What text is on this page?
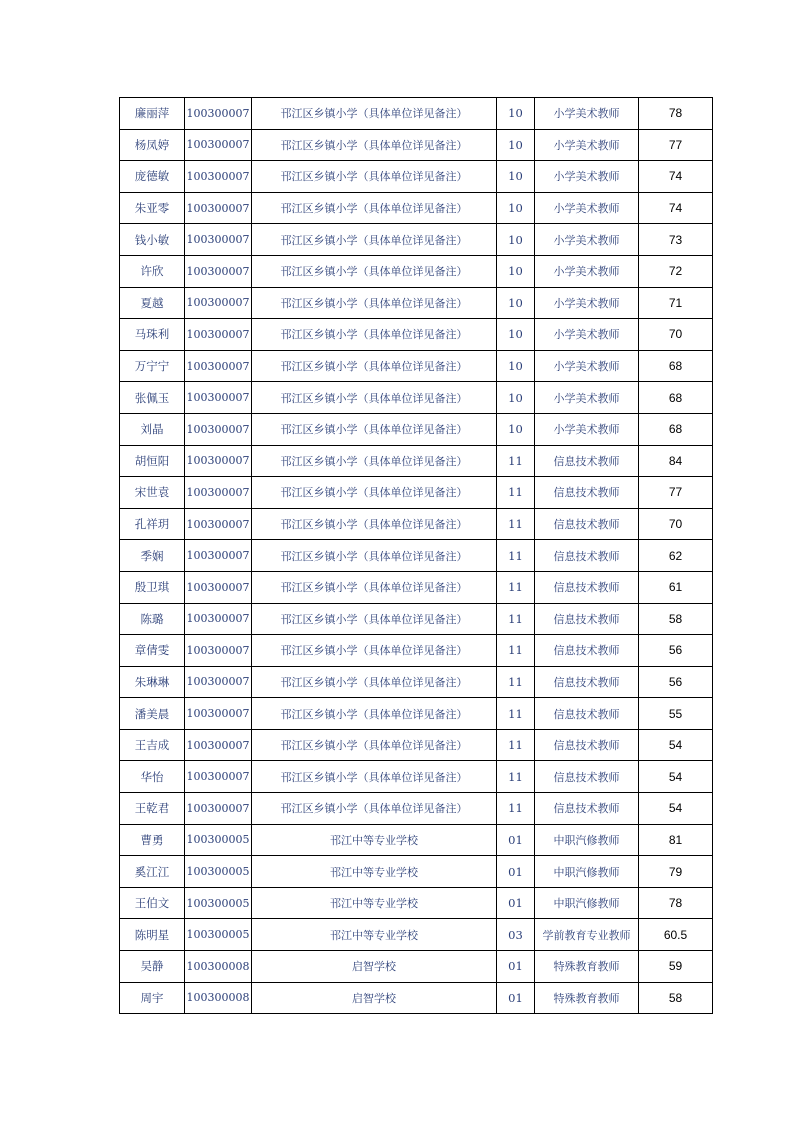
廉丽萍	100300007	邗江区乡镇小学（具体单位详见备注）	10	小学美术教师	78
杨凤婷	100300007	邗江区乡镇小学（具体单位详见备注）	10	小学美术教师	77
庞德敏	100300007	邗江区乡镇小学（具体单位详见备注）	10	小学美术教师	74
朱亚零	100300007	邗江区乡镇小学（具体单位详见备注）	10	小学美术教师	74
钱小敏	100300007	邗江区乡镇小学（具体单位详见备注）	10	小学美术教师	73
许欣	100300007	邗江区乡镇小学（具体单位详见备注）	10	小学美术教师	72
夏越	100300007	邗江区乡镇小学（具体单位详见备注）	10	小学美术教师	71
马珠利	100300007	邗江区乡镇小学（具体单位详见备注）	10	小学美术教师	70
万宁宁	100300007	邗江区乡镇小学（具体单位详见备注）	10	小学美术教师	68
张佩玉	100300007	邗江区乡镇小学（具体单位详见备注）	10	小学美术教师	68
刘晶	100300007	邗江区乡镇小学（具体单位详见备注）	10	小学美术教师	68
胡恒阳	100300007	邗江区乡镇小学（具体单位详见备注）	11	信息技术教师	84
宋世袁	100300007	邗江区乡镇小学（具体单位详见备注）	11	信息技术教师	77
孔祥玥	100300007	邗江区乡镇小学（具体单位详见备注）	11	信息技术教师	70
季娴	100300007	邗江区乡镇小学（具体单位详见备注）	11	信息技术教师	62
殷卫琪	100300007	邗江区乡镇小学（具体单位详见备注）	11	信息技术教师	61
陈璐	100300007	邗江区乡镇小学（具体单位详见备注）	11	信息技术教师	58
章倩雯	100300007	邗江区乡镇小学（具体单位详见备注）	11	信息技术教师	56
朱琳琳	100300007	邗江区乡镇小学（具体单位详见备注）	11	信息技术教师	56
潘美晨	100300007	邗江区乡镇小学（具体单位详见备注）	11	信息技术教师	55
王吉成	100300007	邗江区乡镇小学（具体单位详见备注）	11	信息技术教师	54
华怡	100300007	邗江区乡镇小学（具体单位详见备注）	11	信息技术教师	54
王乾君	100300007	邗江区乡镇小学（具体单位详见备注）	11	信息技术教师	54
曹勇	100300005	邗江中等专业学校	01	中职汽修教师	81
奚江江	100300005	邗江中等专业学校	01	中职汽修教师	79
王伯文	100300005	邗江中等专业学校	01	中职汽修教师	78
陈明星	100300005	邗江中等专业学校	03	学前教育专业教师	60.5
吴静	100300008	启智学校	01	特殊教育教师	59
周宇	100300008	启智学校	01	特殊教育教师	58
